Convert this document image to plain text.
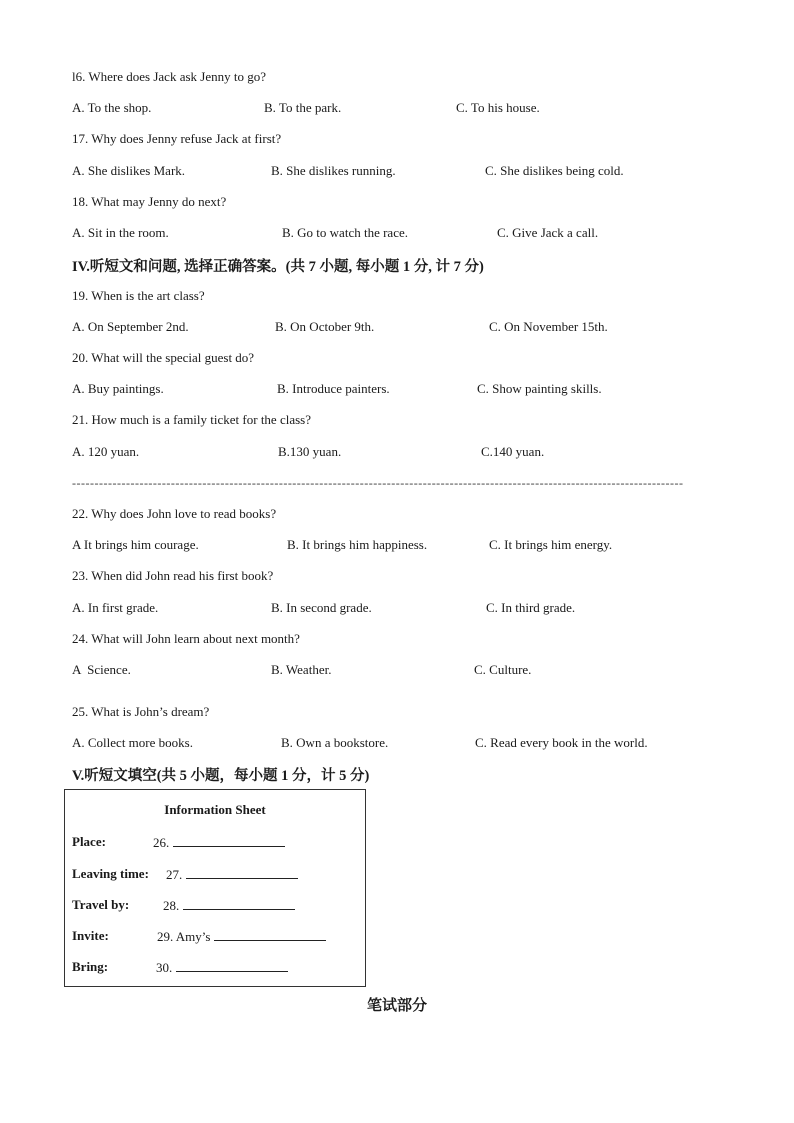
l6. Where does Jack ask Jenny to go?
A. To the shop.	B. To the park.	C. To his house.
17. Why does Jenny refuse Jack at first?
A. She dislikes Mark.	B. She dislikes running.	C. She dislikes being cold.
18. What may Jenny do next?
A. Sit in the room.	B. Go to watch the race.	C. Give Jack a call.
IV.听短文和问题, 选择正确答案。(共 7 小题, 每小题 1 分, 计 7 分)
19. When is the art class?
A. On September 2nd.	B. On October 9th.	C. On November 15th.
20. What will the special guest do?
A. Buy paintings.	B. Introduce painters.	C. Show painting skills.
21. How much is a family ticket for the class?
A. 120 yuan.	B.130 yuan.	C.140 yuan.
----------------------------------------------------------------------------------------------------------------------------------------
22. Why does John love to read books?
A It brings him courage.	B. It brings him happiness.	C. It brings him energy.
23. When did John read his first book?
A. In first grade.	B. In second grade.	C. In third grade.
24. What will John learn about next month?
A  Science.	B. Weather.	C. Culture.
25. What is John’s dream?
A. Collect more books.	B. Own a bookstore.	C. Read every book in the world.
V.听短文填空(共 5 小题，每小题 1 分，计 5 分)
Information Sheet
Place:	26.
Leaving time: 27.
Travel by:	28.
Invite:	29. Amy’s
Bring:	30.
笔试部分
